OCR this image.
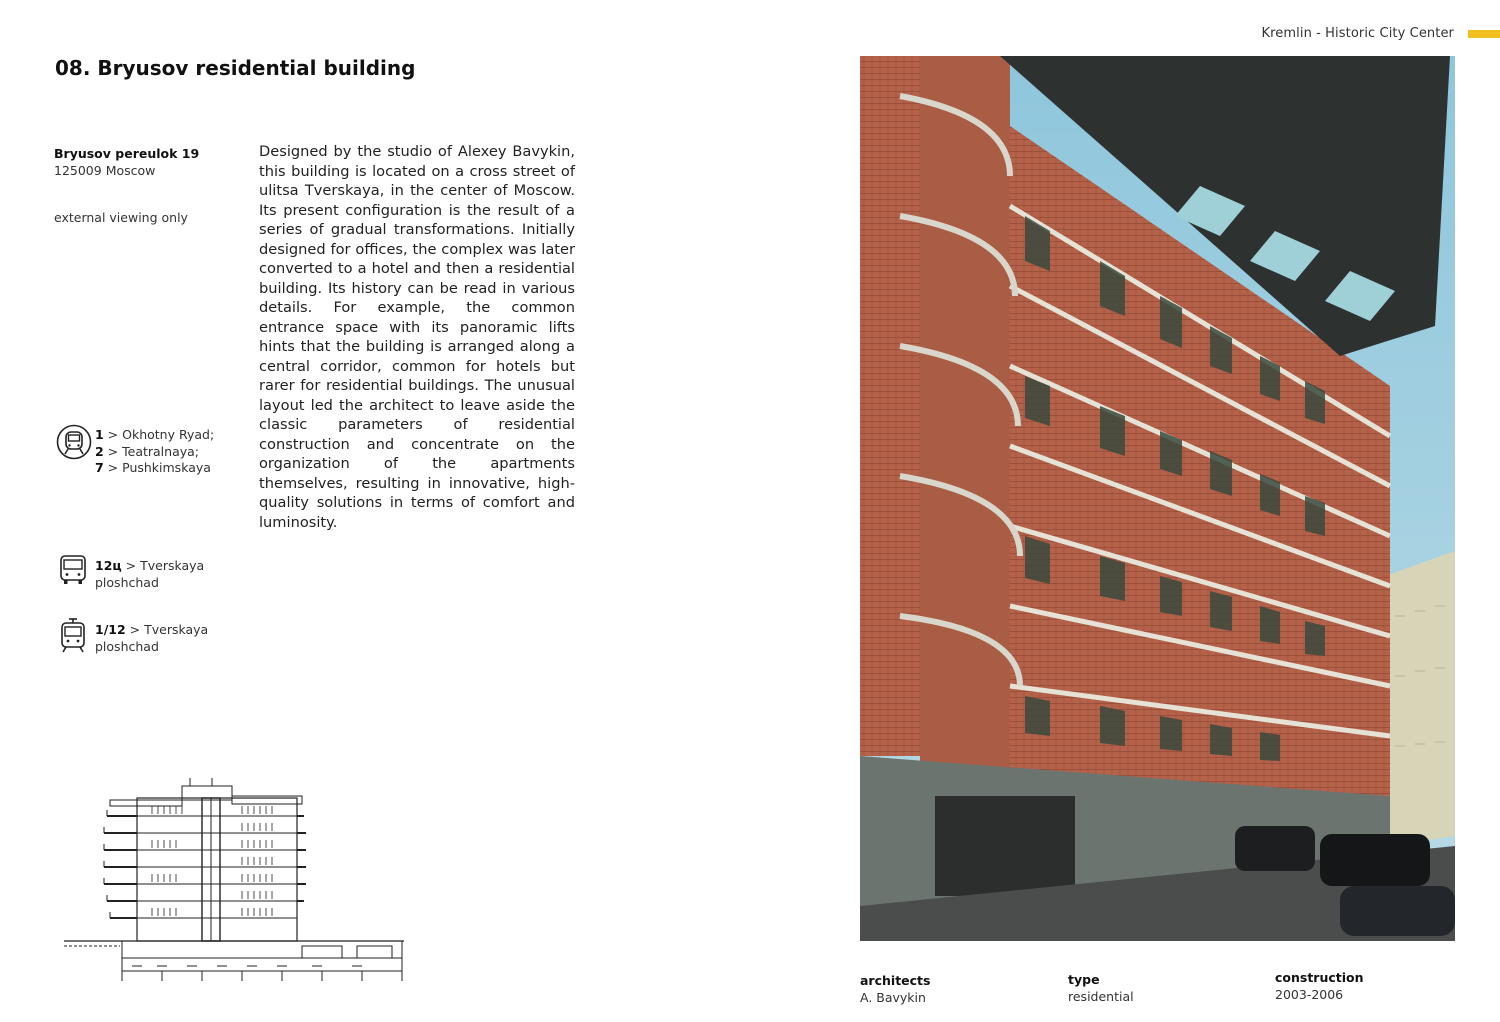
Kremlin - Historic City Center
08. Bryusov residential building
Bryusov pereulok 19
125009 Moscow
external viewing only
Designed by the studio of Alexey Bavykin, this building is located on a cross street of ulitsa Tverskaya, in the center of Moscow. Its present configuration is the result of a series of gradual transformations. Initially designed for offices, the complex was later converted to a hotel and then a residential building. Its history can be read in various details. For example, the common entrance space with its panoramic lifts hints that the building is arranged along a central corridor, common for hotels but rarer for residential buildings. The unusual layout led the architect to leave aside the classic parameters of residential construction and concentrate on the organization of the apartments themselves, resulting in innovative, high-quality solutions in terms of comfort and luminosity.
1 > Okhotny Ryad;
2 > Teatralnaya;
7 > Pushkimskaya
12ц > Tverskaya
ploshchad
1/12 > Tverskaya
ploshchad
architects
A. Bavykin
type
residential
construction
2003-2006
